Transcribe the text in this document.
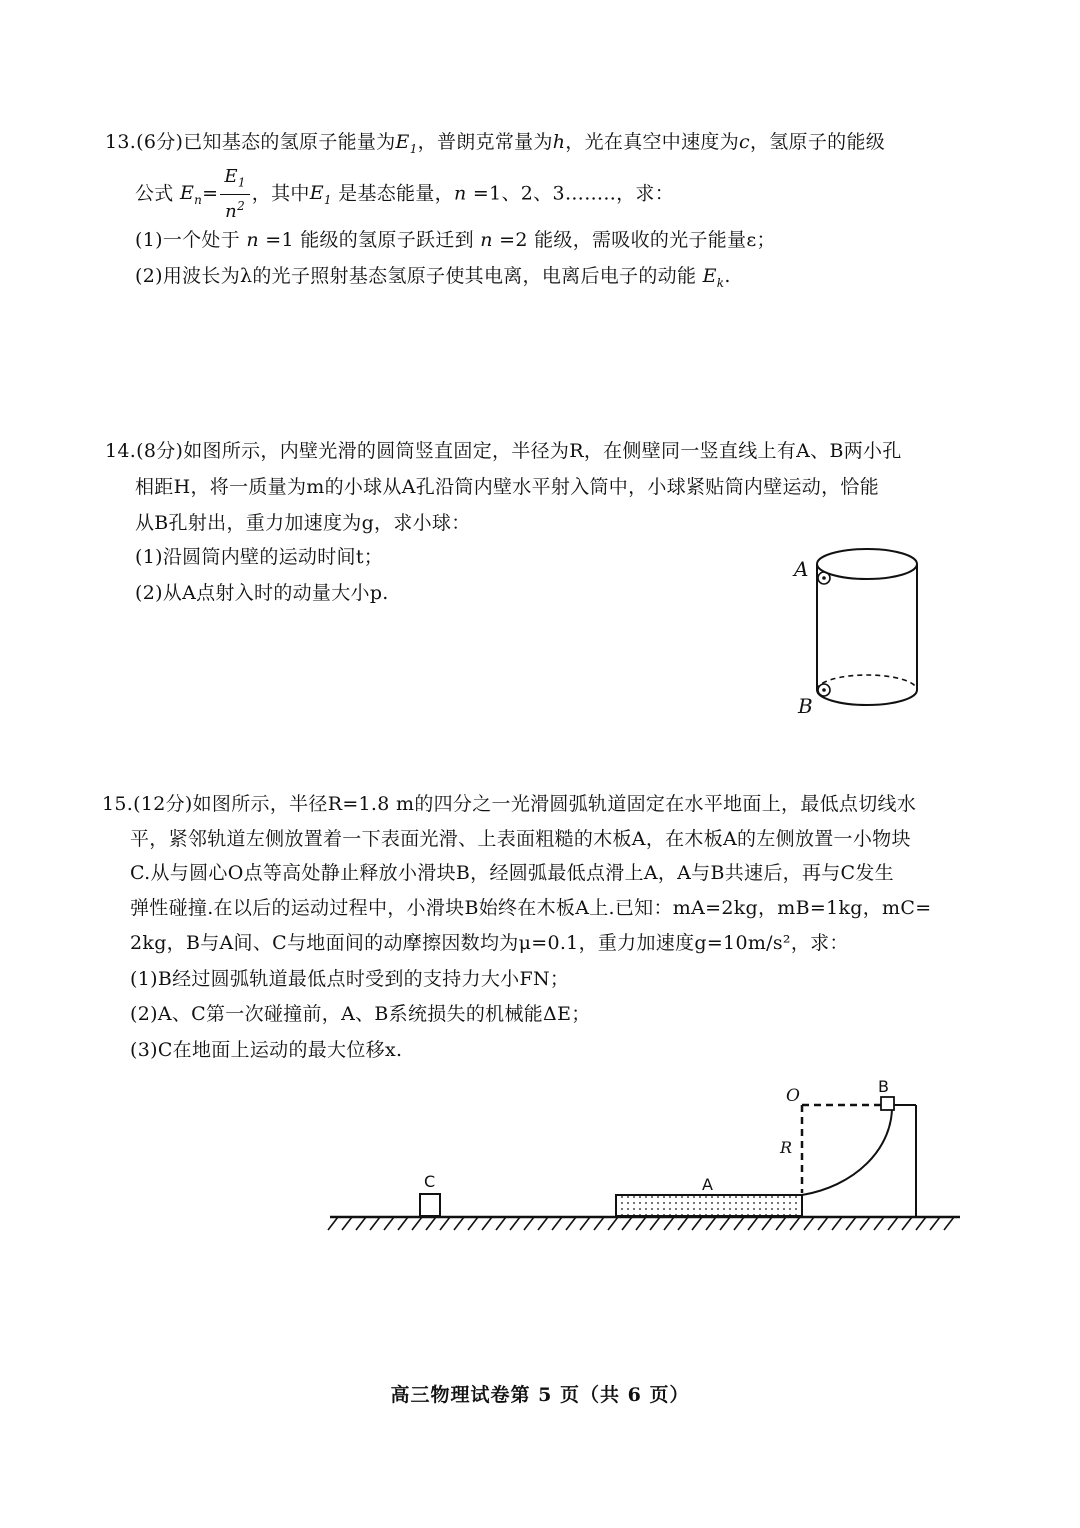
13.(6分)已知基态的氢原子能量为$E_1$，普朗克常量为h，光在真空中速度为c，氢原子的能级
公式 $E_n= \frac{E_1}{n^2}$ ，其中$E_1$ 是基态能量，n =1、2、3……..，求：
(1)一个处于 n =1 能级的氢原子跃迁到 n =2 能级，需吸收的光子能量ε；
(2)用波长为λ的光子照射基态氢原子使其电离，电离后电子的动能 $E_k$.
14.(8分)如图所示，内壁光滑的圆筒竖直固定，半径为R，在侧壁同一竖直线上有A、B两小孔
相距H，将一质量为m的小球从A孔沿筒内壁水平射入筒中，小球紧贴筒内壁运动，恰能
从B孔射出，重力加速度为g，求小球：
(1)沿圆筒内壁的运动时间t；
(2)从A点射入时的动量大小p.
A
B
15.(12分)如图所示，半径R=1.8 m的四分之一光滑圆弧轨道固定在水平地面上，最低点切线水
平，紧邻轨道左侧放置着一下表面光滑、上表面粗糙的木板A，在木板A的左侧放置一小物块
C.从与圆心O点等高处静止释放小滑块B，经圆弧最低点滑上A，A与B共速后，再与C发生
弹性碰撞.在以后的运动过程中，小滑块B始终在木板A上.已知：mA=2kg，mB=1kg，mC=
2kg，B与A间、C与地面间的动摩擦因数均为μ=0.1，重力加速度g=10m/s²，求：
(1)B经过圆弧轨道最低点时受到的支持力大小FN；
(2)A、C第一次碰撞前，A、B系统损失的机械能ΔE；
(3)C在地面上运动的最大位移x.
C	A
B
O
R
高三物理试卷第 5 页（共 6 页）
